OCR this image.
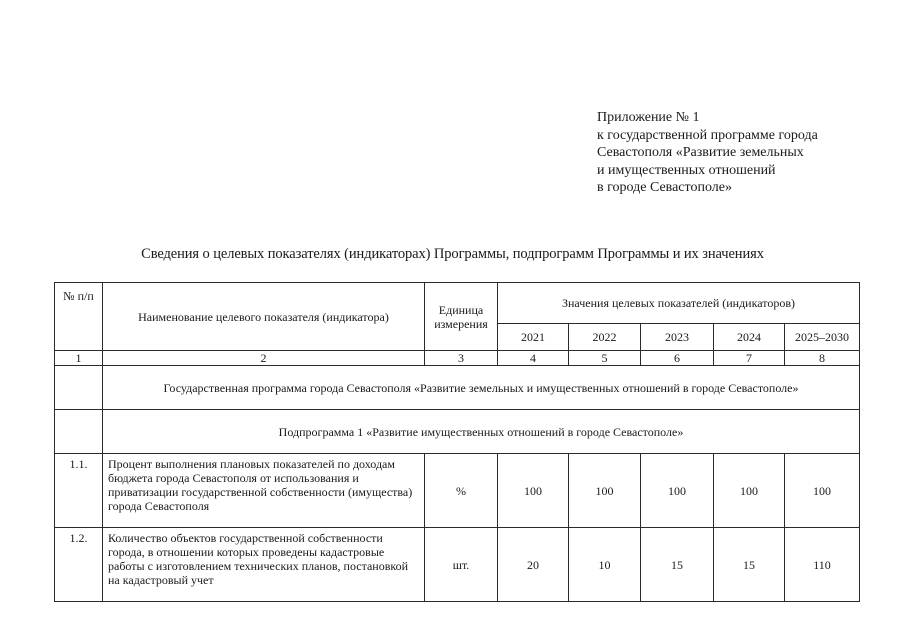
Приложение № 1
к государственной программе города
Севастополя «Развитие земельных
и имущественных отношений
в городе Севастополе»
Сведения о целевых показателях (индикаторах) Программы, подпрограмм Программы и их значениях
№ п/п	Наименование целевого показателя (индикатора)	Единица измерения	Значения целевых показателей (индикаторов)				
			2021	2022	2023	2024	2025–2030
1	2	3	4	5	6	7	8
	Государственная программа города Севастополя «Развитие земельных и имущественных отношений в городе Севастополе»						
	Подпрограмма 1 «Развитие имущественных отношений в городе Севастополе»						
1.1.	Процент выполнения плановых показателей по доходам бюджета города Севастополя от использования и приватизации государственной собственности (имущества) города Севастополя	%	100	100	100	100	100
1.2.	Количество объектов государственной собственности города, в отношении которых проведены кадастровые работы с изготовлением технических планов, постановкой на кадастровый учет	шт.	20	10	15	15	110
